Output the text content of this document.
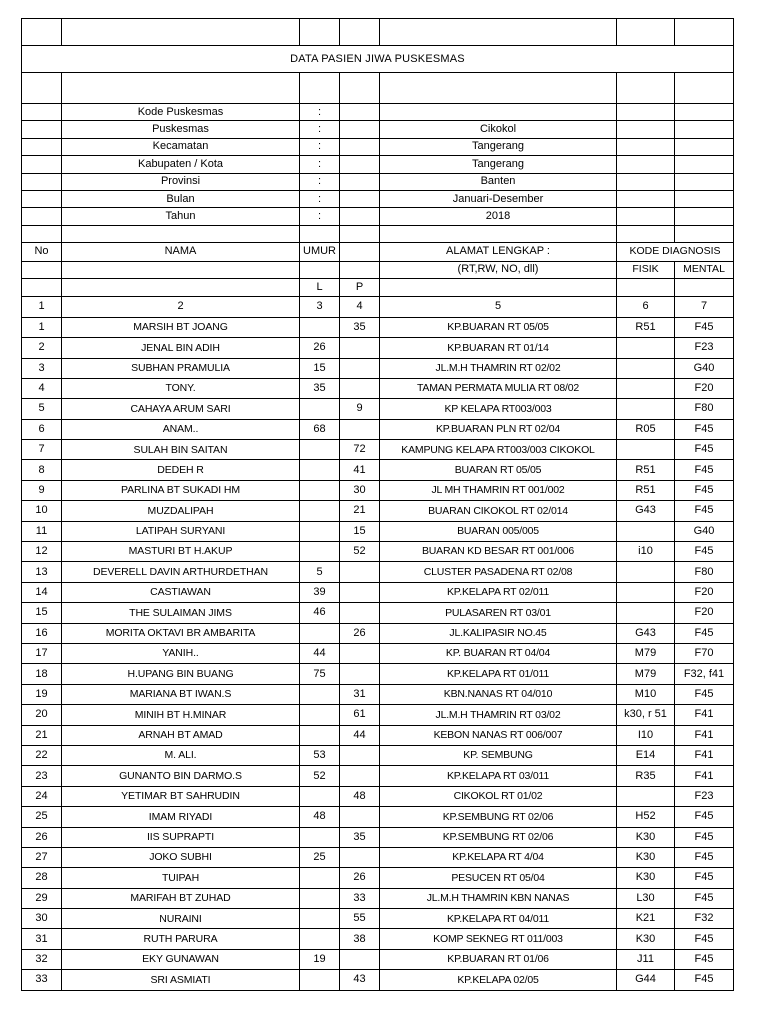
DATA PASIEN JIWA PUSKESMAS						

	Kode Puskesmas	:				
	Puskesmas	:		Cikokol		
	Kecamatan	:		Tangerang		
	Kabupaten / Kota	:		Tangerang		
	Provinsi	:		Banten		
	Bulan	:		Januari-Desember		
	Tahun	:		2018		

No	NAMA	UMUR		ALAMAT LENGKAP :	KODE DIAGNOSIS	
				(RT,RW, NO, dll)	FISIK	MENTAL
		L	P			
1	2	3	4	5	6	7
1	MARSIH BT JOANG		35	KP.BUARAN RT 05/05	R51	F45
2	JENAL BIN ADIH	26		KP.BUARAN RT 01/14		F23
3	SUBHAN PRAMULIA	15		JL.M.H THAMRIN RT 02/02		G40
4	TONY.	35		TAMAN PERMATA MULIA RT 08/02		F20
5	CAHAYA ARUM SARI		9	KP KELAPA RT003/003		F80
6	ANAM..	68		KP.BUARAN PLN RT 02/04	R05	F45
7	SULAH BIN SAITAN		72	KAMPUNG KELAPA RT003/003 CIKOKOL		F45
8	DEDEH R		41	BUARAN RT 05/05	R51	F45
9	PARLINA BT SUKADI HM		30	JL MH THAMRIN RT 001/002	R51	F45
10	MUZDALIPAH		21	BUARAN CIKOKOL RT 02/014	G43	F45
11	LATIPAH SURYANI		15	BUARAN 005/005		G40
12	MASTURI BT H.AKUP		52	BUARAN KD BESAR RT 001/006	i10	F45
13	DEVERELL DAVIN ARTHURDETHAN	5		CLUSTER PASADENA RT 02/08		F80
14	CASTIAWAN	39		KP.KELAPA RT 02/011		F20
15	THE SULAIMAN JIMS	46		PULASAREN RT 03/01		F20
16	MORITA OKTAVI BR AMBARITA		26	JL.KALIPASIR NO.45	G43	F45
17	YANIH..	44		KP. BUARAN RT 04/04	M79	F70
18	H.UPANG BIN BUANG	75		KP.KELAPA RT 01/011	M79	F32, f41
19	MARIANA BT IWAN.S		31	KBN.NANAS RT 04/010	M10	F45
20	MINIH BT H.MINAR		61	JL.M.H THAMRIN RT 03/02	k30, r 51	F41
21	ARNAH BT AMAD		44	KEBON NANAS RT 006/007	I10	F41
22	M. ALI.	53		KP. SEMBUNG	E14	F41
23	GUNANTO BIN DARMO.S	52		KP.KELAPA RT 03/011	R35	F41
24	YETIMAR BT SAHRUDIN		48	CIKOKOL RT 01/02		F23
25	IMAM RIYADI	48		KP.SEMBUNG RT 02/06	H52	F45
26	IIS SUPRAPTI		35	KP.SEMBUNG RT 02/06	K30	F45
27	JOKO SUBHI	25		KP.KELAPA RT 4/04	K30	F45
28	TUIPAH		26	PESUCEN RT 05/04	K30	F45
29	MARIFAH BT ZUHAD		33	JL.M.H THAMRIN KBN NANAS	L30	F45
30	NURAINI		55	KP.KELAPA RT 04/011	K21	F32
31	RUTH PARURA		38	KOMP SEKNEG RT 011/003	K30	F45
32	EKY GUNAWAN	19		KP.BUARAN RT 01/06	J11	F45
33	SRI ASMIATI		43	KP.KELAPA 02/05	G44	F45
